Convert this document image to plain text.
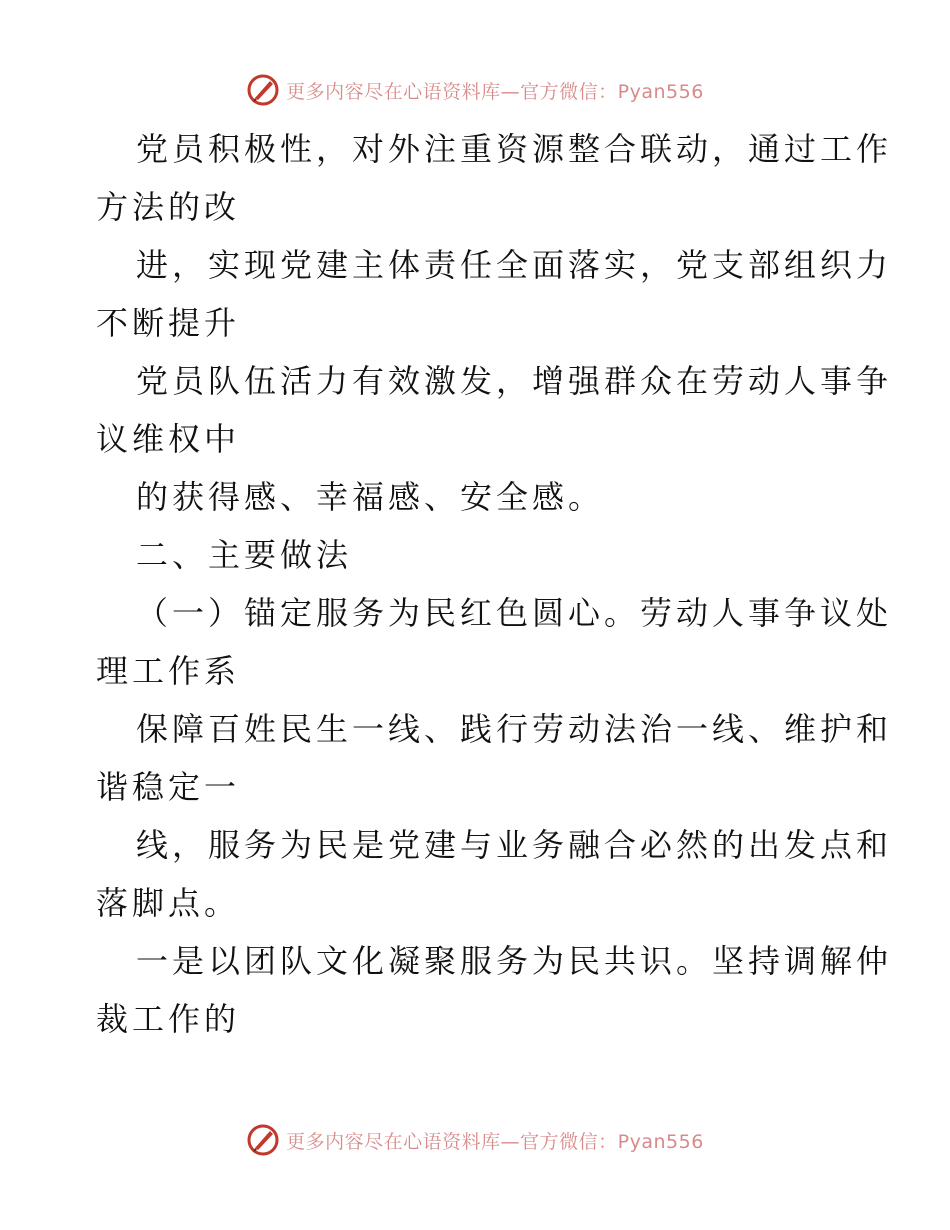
更多内容尽在心语资料库—官方微信：Pyan556
党员积极性，对外注重资源整合联动，通过工作
方法的改
进，实现党建主体责任全面落实，党支部组织力
不断提升
党员队伍活力有效激发，增强群众在劳动人事争
议维权中
的获得感、幸福感、安全感。
二、主要做法
（一）锚定服务为民红色圆心。劳动人事争议处
理工作系
保障百姓民生一线、践行劳动法治一线、维护和
谐稳定一
线，服务为民是党建与业务融合必然的出发点和
落脚点。
一是以团队文化凝聚服务为民共识。坚持调解仲
裁工作的
更多内容尽在心语资料库—官方微信：Pyan556
